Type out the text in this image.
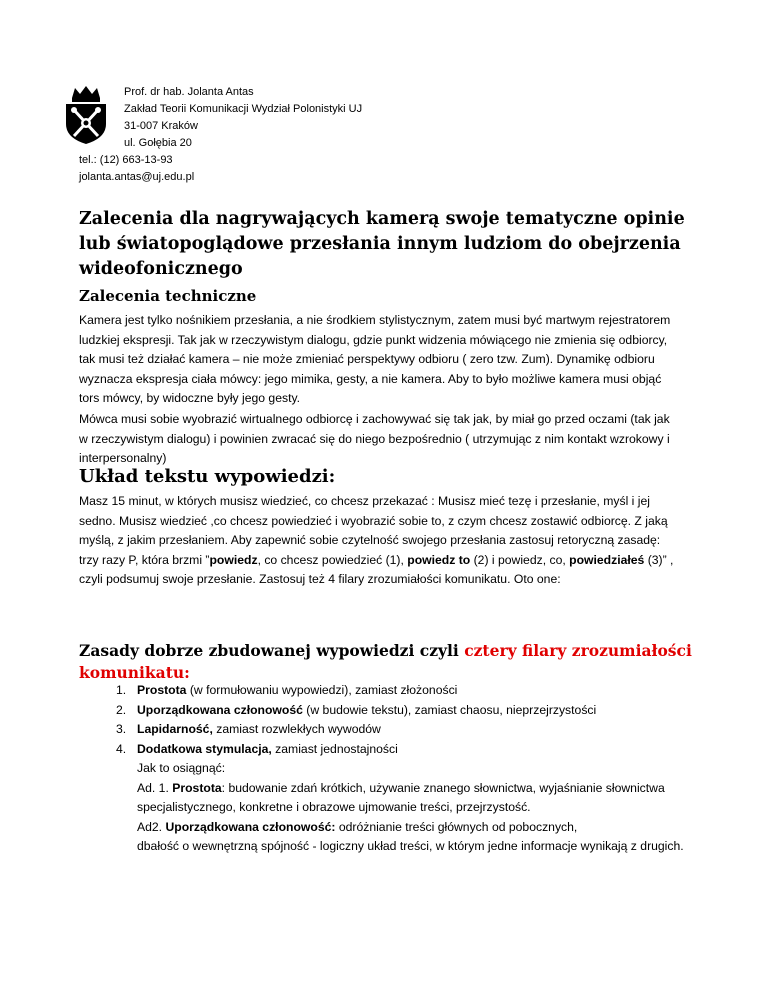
Prof. dr hab. Jolanta Antas
Zakład Teorii Komunikacji Wydział Polonistyki UJ
31-007 Kraków
ul. Gołębia 20
tel.: (12) 663-13-93
jolanta.antas@uj.edu.pl
Zalecenia dla nagrywających kamerą swoje tematyczne opinie lub światopoglądowe przesłania innym ludziom do obejrzenia wideofonicznego
Zalecenia techniczne

Kamera jest tylko nośnikiem przesłania, a nie środkiem stylistycznym, zatem musi być martwym rejestratorem ludzkiej ekspresji. Tak jak w rzeczywistym dialogu, gdzie punkt widzenia mówiącego nie zmienia się odbiorcy, tak musi też działać kamera – nie może zmieniać perspektywy odbioru ( zero tzw. Zum). Dynamikę odbioru wyznacza ekspresja ciała mówcy: jego mimika, gesty, a nie kamera. Aby to było możliwe kamera musi objąć tors mówcy, by widoczne były jego gesty.

Mówca musi sobie wyobrazić wirtualnego odbiorcę i zachowywać się tak jak, by miał go przed oczami (tak jak w rzeczywistym dialogu) i powinien zwracać się do niego bezpośrednio ( utrzymując z nim kontakt wzrokowy i interpersonalny)

Układ tekstu wypowiedzi:

Masz 15 minut, w których musisz wiedzieć, co chcesz przekazać : Musisz mieć tezę i przesłanie, myśl i jej sedno. Musisz wiedzieć ,co chcesz powiedzieć i wyobrazić sobie to, z czym chcesz zostawić odbiorcę. Z jaką myślą, z jakim przesłaniem. Aby zapewnić sobie czytelność swojego przesłania zastosuj retoryczną zasadę: trzy razy P, która brzmi ”powiedz, co chcesz powiedzieć (1), powiedz to (2) i powiedz, co, powiedziałeś (3)” , czyli podsumuj swoje przesłanie. Zastosuj też 4 filary zrozumiałości komunikatu. Oto one:

Zasady dobrze zbudowanej wypowiedzi czyli cztery filary zrozumiałości komunikatu:
1. Prostota (w formułowaniu wypowiedzi), zamiast złożoności
2. Uporządkowana członowość (w budowie tekstu), zamiast chaosu, nieprzejrzystości
3. Lapidarność, zamiast rozwlekłych wywodów
4. Dodatkowa stymulacja, zamiast jednostajności
Jak to osiągnąć:
Ad. 1. Prostota: budowanie zdań krótkich, używanie znanego słownictwa, wyjaśnianie słownictwa specjalistycznego, konkretne i obrazowe ujmowanie treści, przejrzystość.
Ad2. Uporządkowana członowość: odróżnianie treści głównych od pobocznych,
dbałość o wewnętrzną spójność - logiczny układ treści, w którym jedne informacje wynikają z drugich.
